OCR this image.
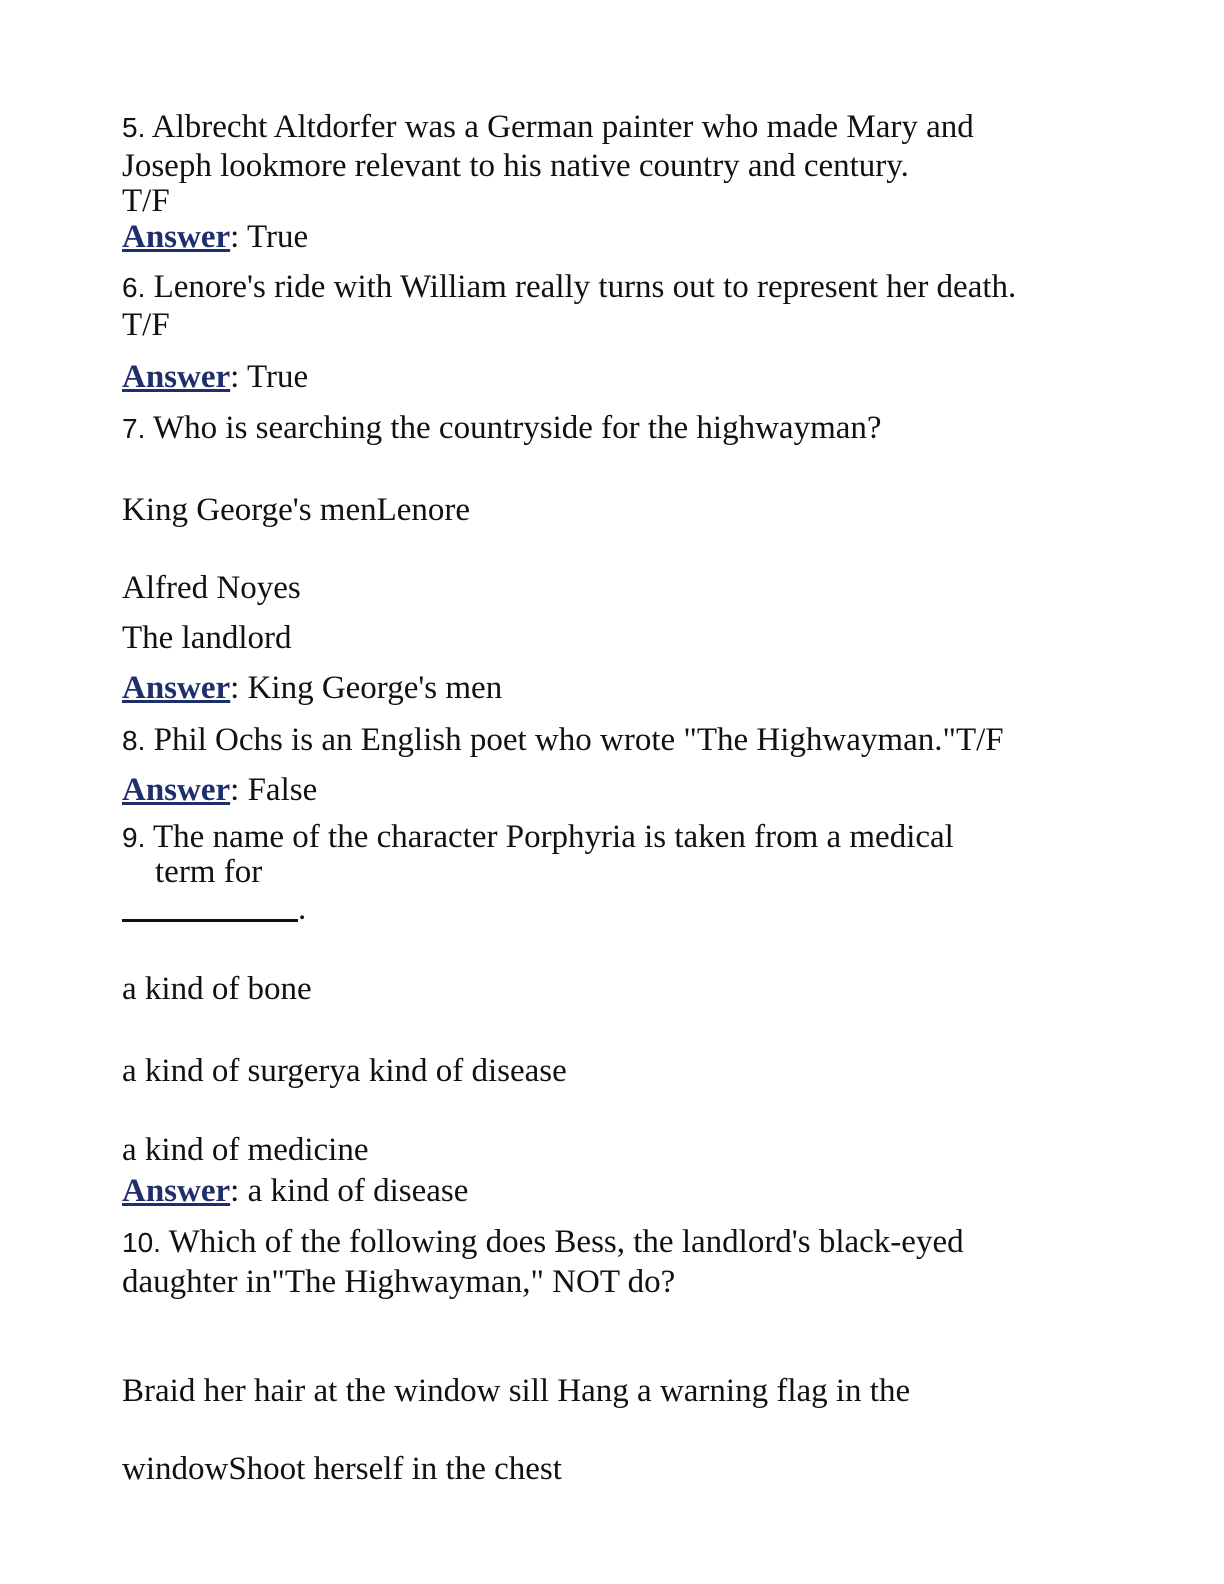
5. Albrecht Altdorfer was a German painter who made Mary and
Joseph lookmore relevant to his native country and century.
T/F
Answer: True
6. Lenore's ride with William really turns out to represent her death.
T/F
Answer: True
7. Who is searching the countryside for the highwayman?
King George's menLenore
Alfred Noyes
The landlord
Answer: King George's men
8. Phil Ochs is an English poet who wrote "The Highwayman."T/F
Answer: False
9. The name of the character Porphyria is taken from a medical
term for
.
a kind of bone
a kind of surgerya kind of disease
a kind of medicine
Answer: a kind of disease
10. Which of the following does Bess, the landlord's black-eyed
daughter in"The Highwayman," NOT do?
Braid her hair at the window sill Hang a warning flag in the
windowShoot herself in the chest
